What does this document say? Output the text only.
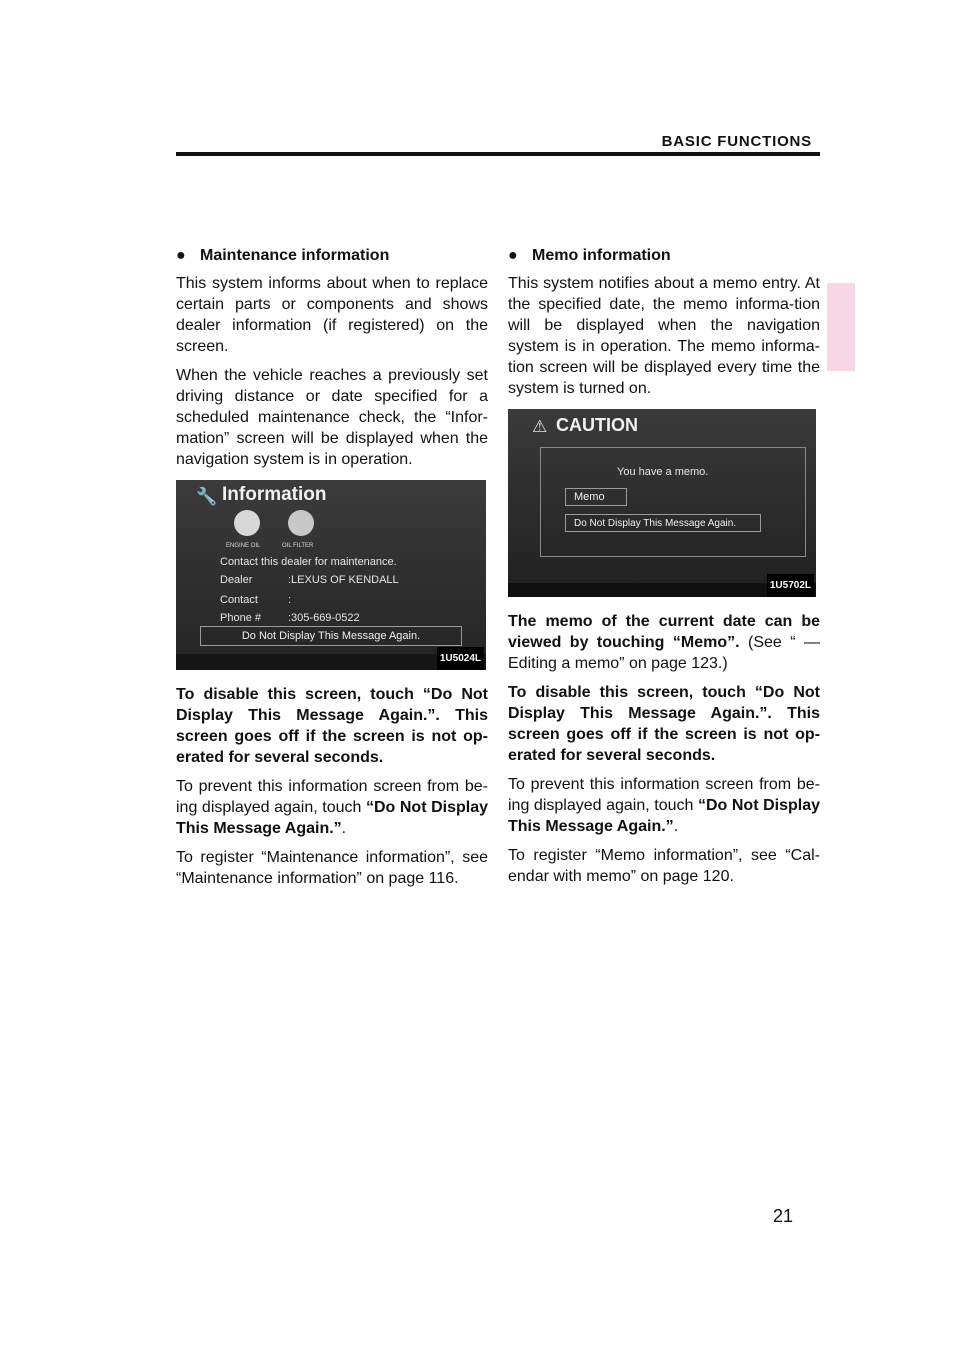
BASIC FUNCTIONS
● Maintenance information

This system informs about when to replace certain parts or components and shows dealer information (if registered) on the screen.

When the vehicle reaches a previously set driving distance or date specified for a scheduled maintenance check, the “Infor-mation” screen will be displayed when the navigation system is in operation.

🔧 Information
ENGINE OIL	OIL FILTER
Contact this dealer for maintenance.
Dealer	:LEXUS OF KENDALL
Contact	:
Phone # :305-669-0522
Do Not Display This Message Again.
1U5024L

To disable this screen, touch “Do Not Display This Message Again.”. This screen goes off if the screen is not op-erated for several seconds.

To prevent this information screen from be-ing displayed again, touch “Do Not Display This Message Again.”.

To register “Maintenance information”, see “Maintenance information” on page 116.

● Memo information

This system notifies about a memo entry. At the specified date, the memo informa-tion will be displayed when the navigation system is in operation. The memo informa-tion screen will be displayed every time the system is turned on.

⚠ CAUTION
You have a memo.
Memo
Do Not Display This Message Again.
1U5702L

The memo of the current date can be viewed by touching “Memo”. (See “ — Editing a memo” on page 123.)

To disable this screen, touch “Do Not Display This Message Again.”. This screen goes off if the screen is not op-erated for several seconds.

To prevent this information screen from be-ing displayed again, touch “Do Not Display This Message Again.”.

To register “Memo information”, see “Cal-endar with memo” on page 120.

21
